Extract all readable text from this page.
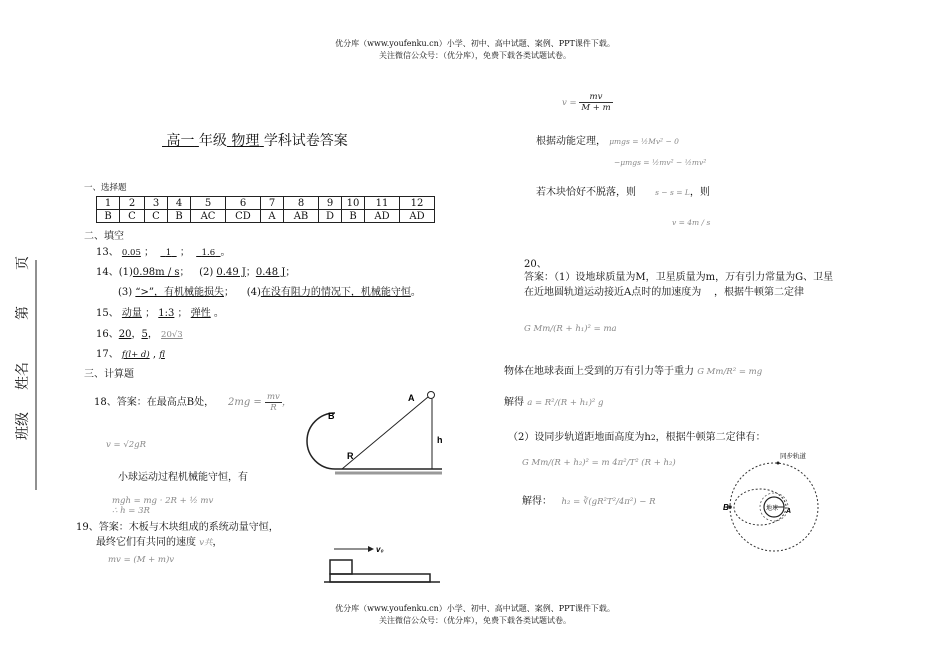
优分库（www.youfenku.cn）小学、初中、高中试题、案例、PPT课件下载。
关注微信公众号：（优分库），免费下载各类试题试卷。
优分库（www.youfenku.cn）小学、初中、高中试题、案例、PPT课件下载。
关注微信公众号：（优分库），免费下载各类试题试卷。
班级
姓名
第
页
高一 年级 物理 学科试卷答案
一、选择题
1	2	3	4	5	6	7	8	9	10	11	12
B	C	C	B	AC	CD	A	AB	D	B	AD	AD
二、填空
13、 0.05 ；    1   ；    1.6 。
14、(1)0.98m / s； (2) 0.49 J；0.48 J；
(3) “>”，有机械能损失； (4)在没有阻力的情况下，机械能守恒。
15、 动量 ； 1:3 ； 弹性 。
16、20，5， 20√3
17、 f(l+ d) , fl
三、计算题
18、答案：在最高点B处， $2mg = \frac{mv}{R}$ ，
v = √2gR
小球运动过程机械能守恒，有
mgh = mg · 2R + ½ mv
∴ h = 3R
19、答案：木板与木块组成的系统动量守恒，
最终它们有共同的速度 v共，
mv = (M + m)v
B
A
R
h
v₀
$v = \frac{mv}{M + m}$
根据动能定理， μmgs = ½Mv² − 0
−μmgs = ½mv² − ½mv²
若木块恰好不脱落，则	s − s = L，则
v = 4m / s
20、
答案：（1）设地球质量为M，卫星质量为m，万有引力常量为G、卫星
在近地圆轨道运动接近A点时的加速度为 ，根据牛顿第二定律
G Mm/(R + h₁)² = ma
物体在地球表面上受到的万有引力等于重力 G Mm/R² = mg
解得 a = R²/(R + h₁)² g
（2）设同步轨道距地面高度为h2，根据牛顿第二定律有：
G Mm/(R + h₂)² = m 4π²/T² (R + h₂)
解得： h₂ = ∛(gR²T²/4π²) − R
地球
同步轨道
B	A
